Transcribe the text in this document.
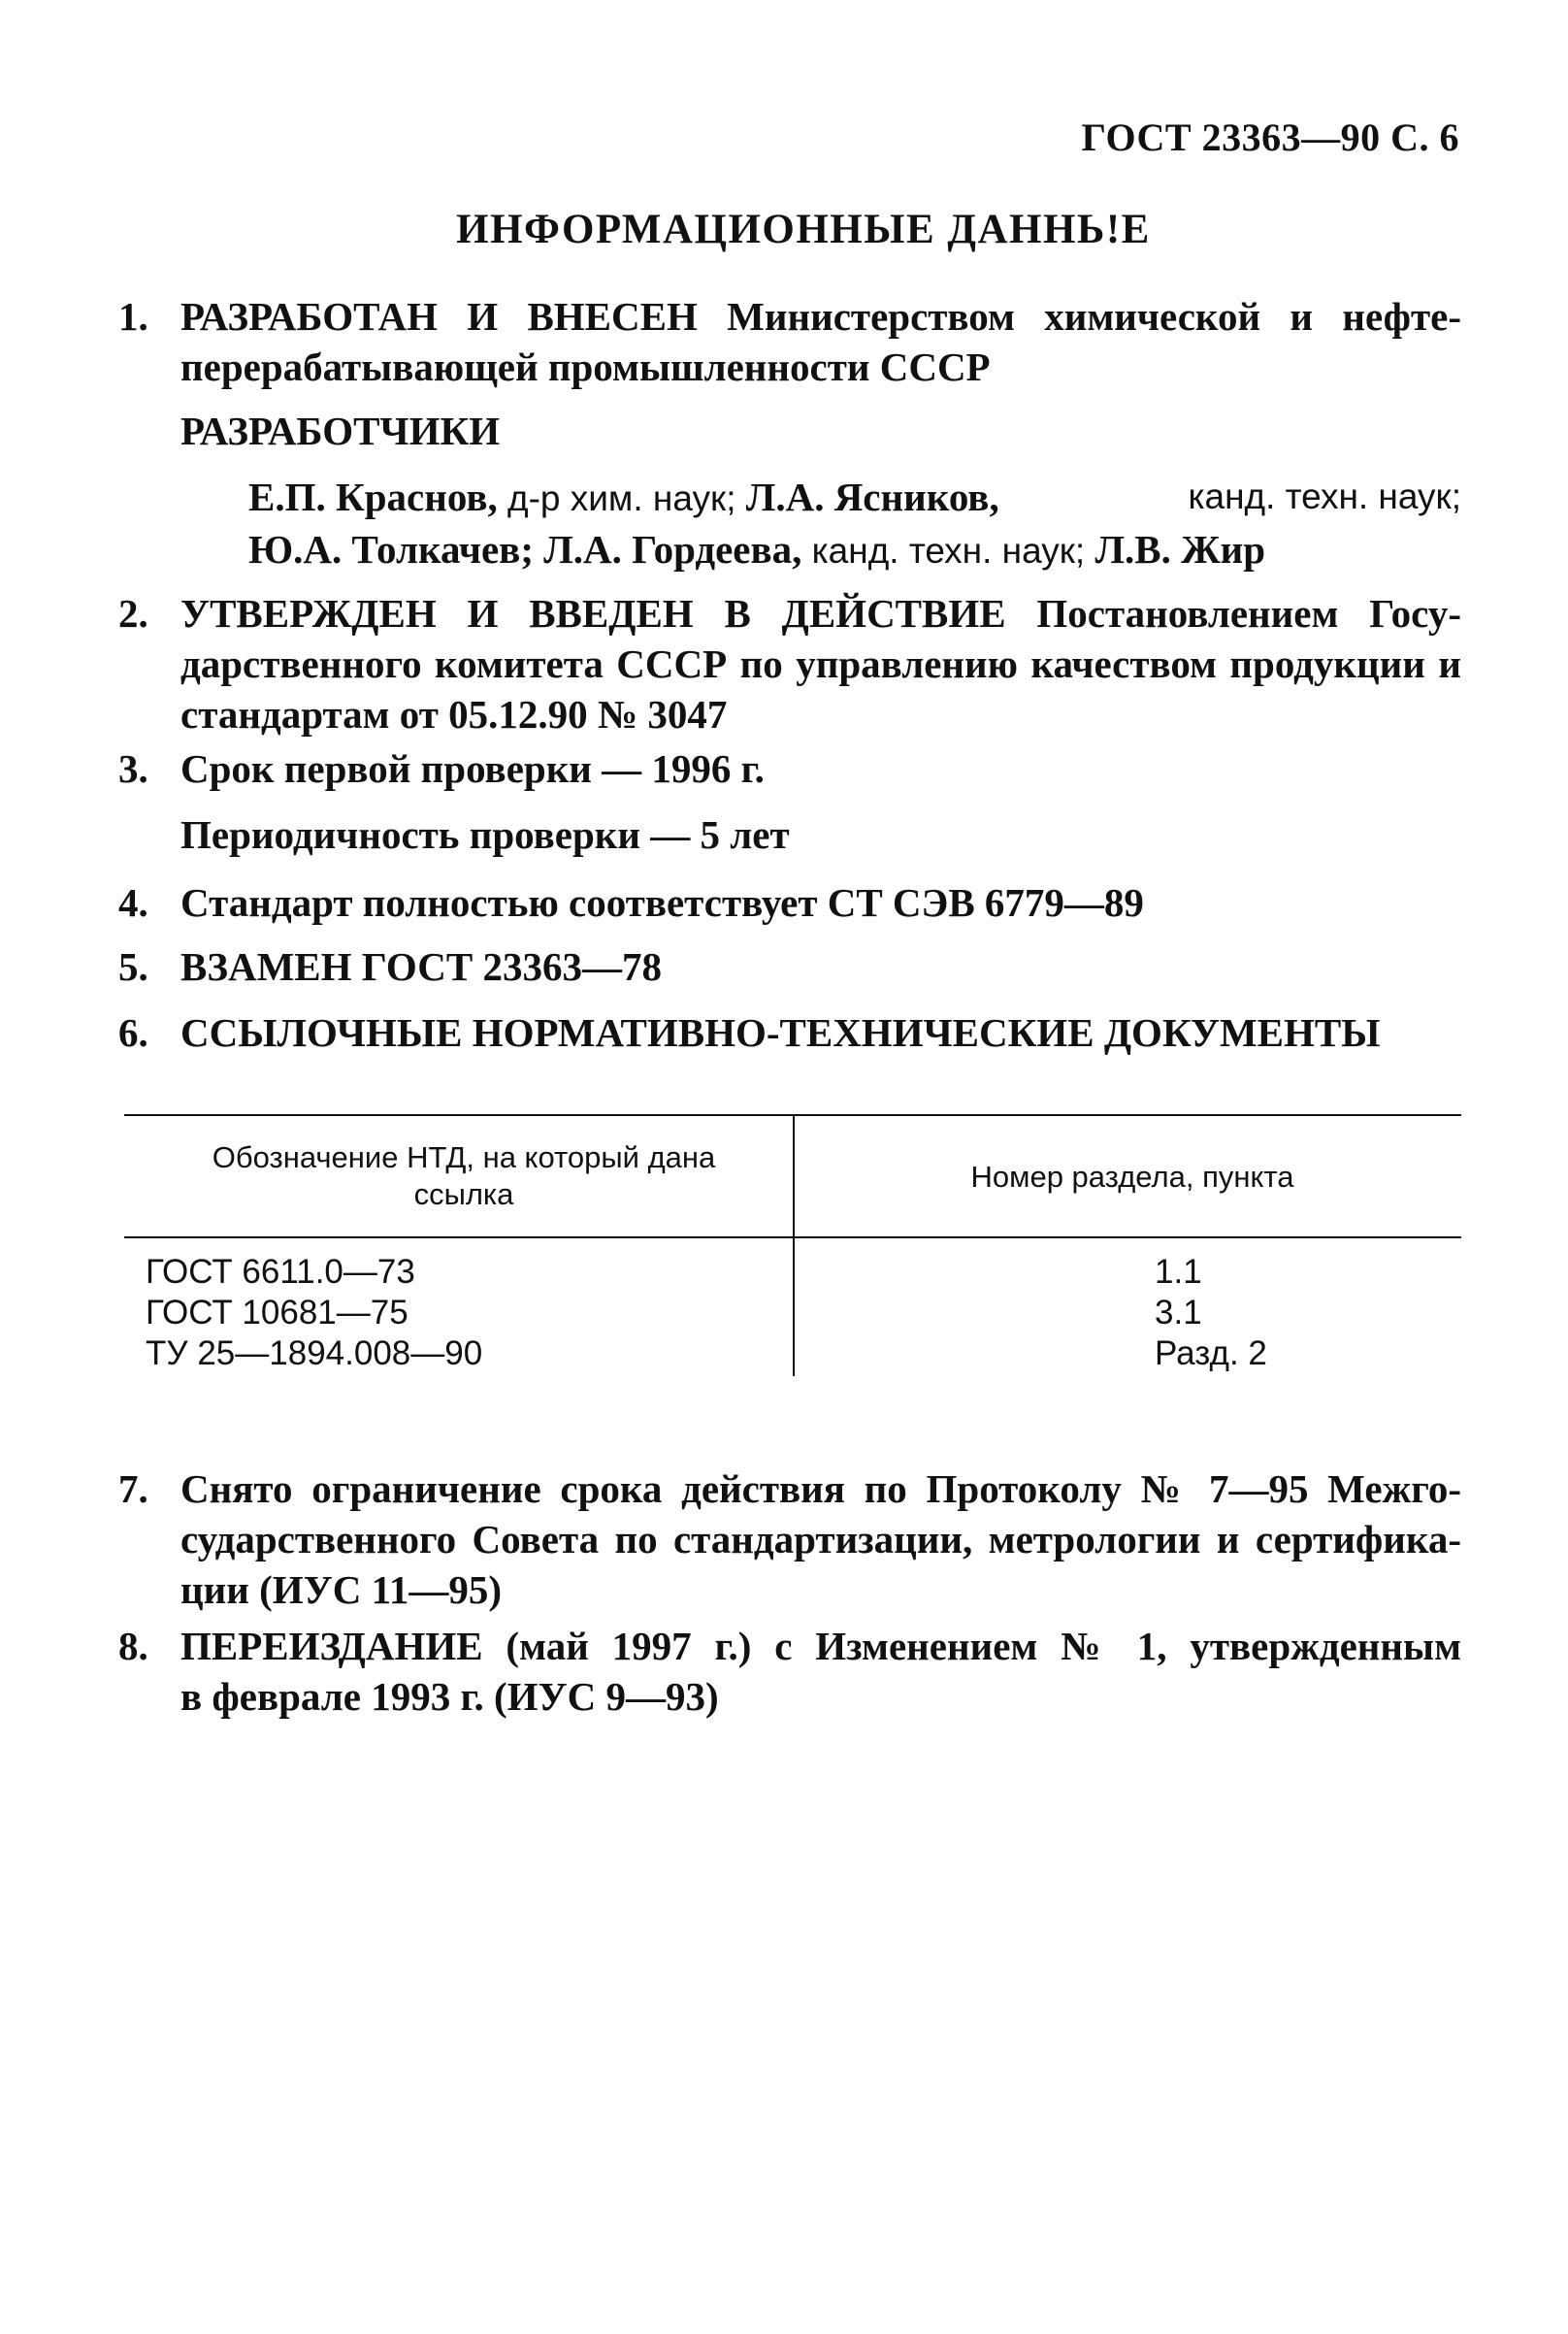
ГОСТ 23363—90 С. 6
ИНФОРМАЦИОННЫЕ ДАННЬ!Е
1. РАЗРАБОТАН И ВНЕСЕН Министерством химической и нефте-
перерабатывающей промышленности СССР
РАЗРАБОТЧИКИ
Е.П. Краснов, д-р хим. наук; Л.А. Ясников,	канд. техн. наук;
Ю.А. Толкачев; Л.А. Гордеева, канд. техн. наук; Л.В. Жир
2. УТВЕРЖДЕН И ВВЕДЕН В ДЕЙСТВИЕ Постановлением Госу-
дарственного комитета СССР по управлению качеством продукции и
стандартам от 05.12.90 № 3047
3. Срок первой проверки — 1996 г.
Периодичность проверки — 5 лет
4. Стандарт полностью соответствует СТ СЭВ 6779—89
5. ВЗАМЕН ГОСТ 23363—78
6. ССЫЛОЧНЫЕ НОРМАТИВНО-ТЕХНИЧЕСКИЕ ДОКУМЕНТЫ
Обозначение НТД, на который дана
ссылка
Номер раздела, пункта
ГОСТ 6611.0—73
ГОСТ 10681—75
ТУ 25—1894.008—90
1.1
3.1
Разд. 2
7. Снято ограничение срока действия по Протоколу № 7—95 Межго-
сударственного Совета по стандартизации, метрологии и сертифика-
ции (ИУС 11—95)
8. ПЕРЕИЗДАНИЕ (май 1997 г.) с Изменением № 1, утвержденным
в феврале 1993 г. (ИУС 9—93)
